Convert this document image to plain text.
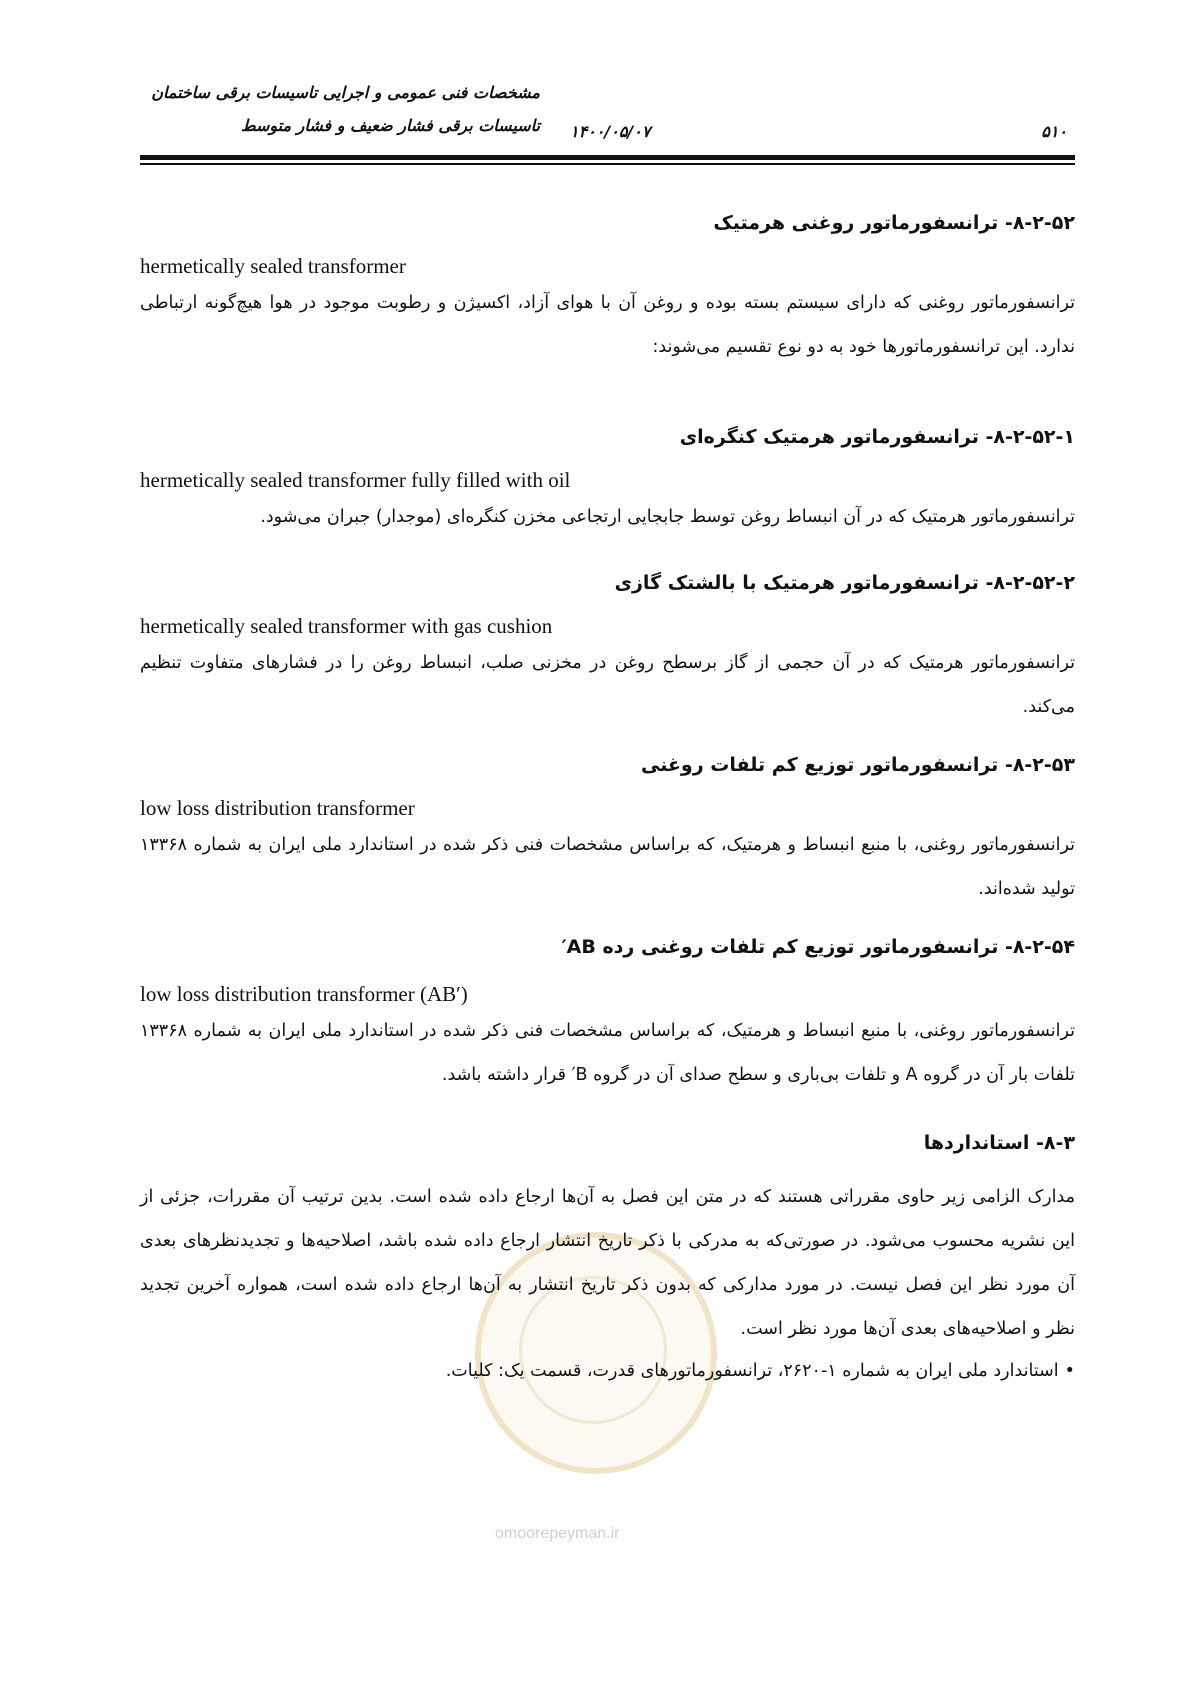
مشخصات فنی عمومی و اجرایی تاسیسات برقی ساختمان
تاسیسات برقی فشار ضعیف و فشار متوسط ۱۴۰۰/۰۵/۰۷	۵۱۰
omoorepeyman.ir
۸-۲-۵۲- ترانسفورماتور روغنی هرمتیک
hermetically sealed transformer
ترانسفورماتور روغنی که دارای سیستم بسته بوده و روغن آن با هوای آزاد، اکسیژن و رطوبت موجود در هوا هیچ‌گونه ارتباطی ندارد. این ترانسفورماتورها خود به دو نوع تقسیم می‌شوند:
۸-۲-۵۲-۱- ترانسفورماتور هرمتیک کنگره‌ای
hermetically sealed transformer fully filled with oil
ترانسفورماتور هرمتیک که در آن انبساط روغن توسط جابجایی ارتجاعی مخزن کنگره‌ای (موجدار) جبران می‌شود.
۸-۲-۵۲-۲- ترانسفورماتور هرمتیک با بالشتک گازی
hermetically sealed transformer with gas cushion
ترانسفورماتور هرمتیک که در آن حجمی از گاز برسطح روغن در مخزنی صلب، انبساط روغن را در فشارهای متفاوت تنظیم می‌کند.
۸-۲-۵۳- ترانسفورماتور توزیع کم تلفات روغنی
low loss distribution transformer
ترانسفورماتور روغنی، با منبع انبساط و هرمتیک، که براساس مشخصات فنی ذکر شده در استاندارد ملی ایران به شماره ۱۳۳۶۸ تولید شده‌اند.
۸-۲-۵۴- ترانسفورماتور توزیع کم تلفات روغنی رده AB′
low loss distribution transformer (AB′)
ترانسفورماتور روغنی، با منبع انبساط و هرمتیک، که براساس مشخصات فنی ذکر شده در استاندارد ملی ایران به شماره ۱۳۳۶۸ تلفات بار آن در گروه A و تلفات بی‌باری و سطح صدای آن در گروه B′ قرار داشته باشد.
۸-۳- استانداردها
مدارک الزامی زیر حاوی مقرراتی هستند که در متن این فصل به آن‌ها ارجاع داده شده است. بدین ترتیب آن مقررات، جزئی از این نشریه محسوب می‌شود. در صورتی‌که به مدرکی با ذکر تاریخ انتشار ارجاع داده شده باشد، اصلاحیه‌ها و تجدیدنظرهای بعدی آن مورد نظر این فصل نیست. در مورد مدارکی که بدون ذکر تاریخ انتشار به آن‌ها ارجاع داده شده است، همواره آخرین تجدید نظر و اصلاحیه‌های بعدی آن‌ها مورد نظر است.
•استاندارد ملی ایران به شماره ۱-۲۶۲۰، ترانسفورماتورهای قدرت، قسمت یک: کلیات.
